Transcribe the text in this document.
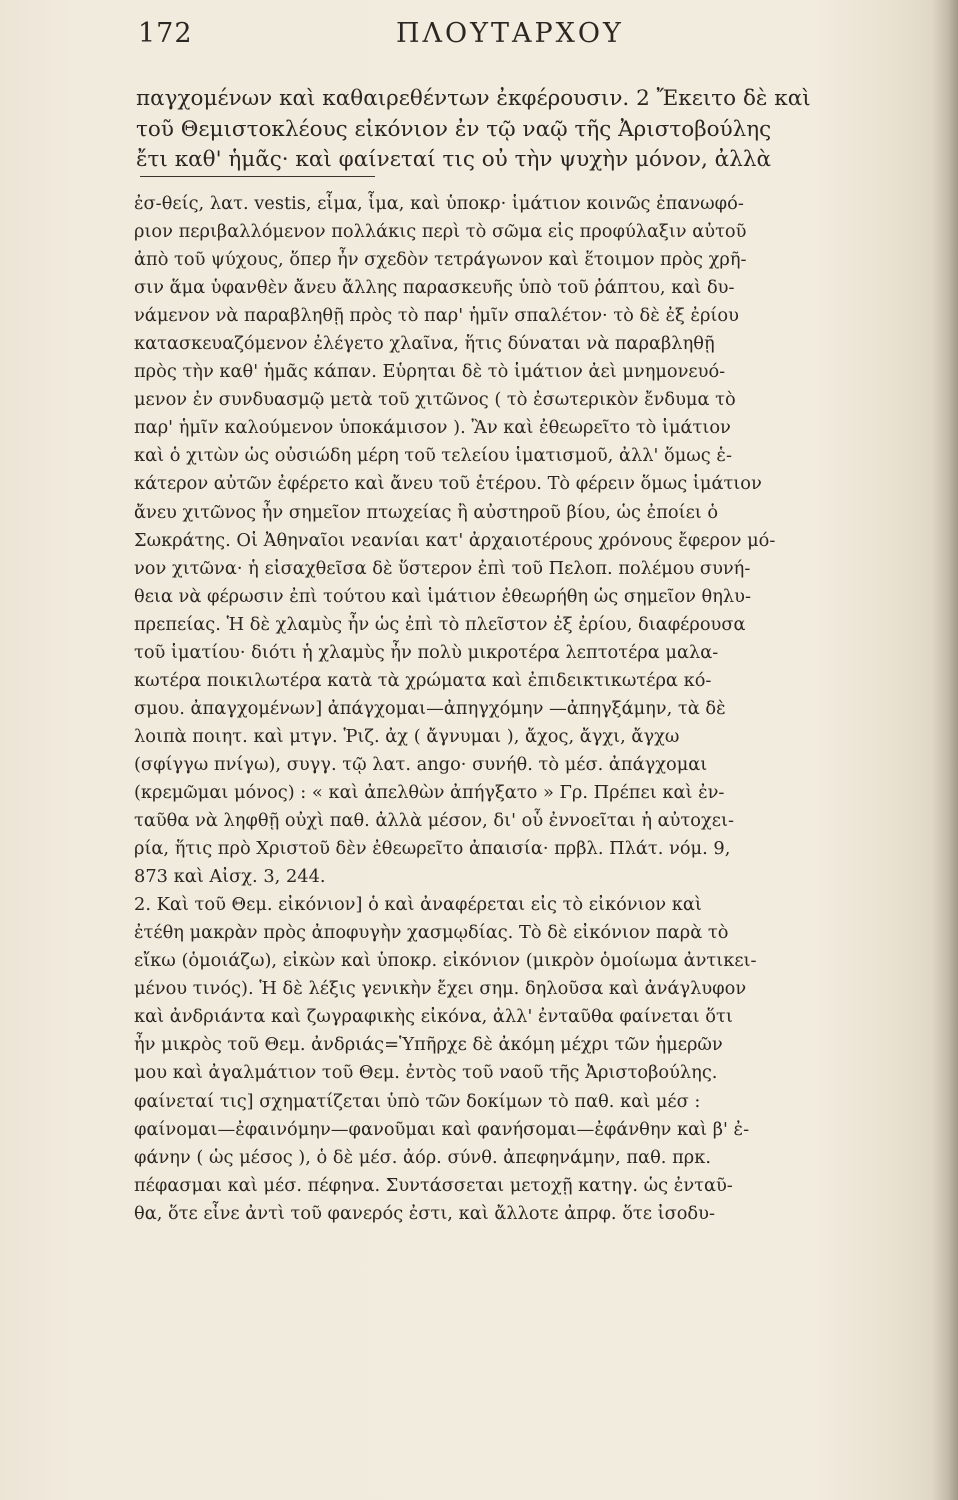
172	ΠΛΟΥΤΑΡΧΟΥ
παγχομένων καὶ καθαιρεθέντων ἐκφέρουσιν. 2 Ἔκειτο δὲ καὶ
τοῦ Θεμιστοκλέους εἰκόνιον ἐν τῷ ναῷ τῆς Ἀριστοβούλης
ἔτι καθ' ἡμᾶς· καὶ φαίνεταί τις οὐ τὴν ψυχὴν μόνον, ἀλλὰ
ἐσ-θείς, λατ. vestis, εἷμα, ἷμα, καὶ ὑποκρ· ἱμάτιον κοινῶς ἐπανωφό-
ριον περιβαλλόμενον πολλάκις περὶ τὸ σῶμα εἰς προφύλαξιν αὐτοῦ
ἀπὸ τοῦ ψύχους, ὅπερ ἦν σχεδὸν τετράγωνον καὶ ἕτοιμον πρὸς χρῆ-
σιν ἅμα ὑφανθὲν ἄνευ ἄλλης παρασκευῆς ὑπὸ τοῦ ῥάπτου, καὶ δυ-
νάμενον νὰ παραβληθῇ πρὸς τὸ παρ' ἡμῖν σπαλέτον· τὸ δὲ ἐξ ἐρίου
κατασκευαζόμενον ἐλέγετο χλαῖνα, ἥτις δύναται νὰ παραβληθῇ
πρὸς τὴν καθ' ἡμᾶς κάπαν. Εὑρηται δὲ τὸ ἱμάτιον ἀεὶ μνημονευό-
μενον ἐν συνδυασμῷ μετὰ τοῦ χιτῶνος ( τὸ ἐσωτερικὸν ἔνδυμα τὸ
παρ' ἡμῖν καλούμενον ὑποκάμισον ). Ἂν καὶ ἐθεωρεῖτο τὸ ἱμάτιον
καὶ ὁ χιτὼν ὡς οὐσιώδη μέρη τοῦ τελείου ἱματισμοῦ, ἀλλ' ὅμως ἑ-
κάτερον αὐτῶν ἐφέρετο καὶ ἄνευ τοῦ ἑτέρου. Τὸ φέρειν ὅμως ἱμάτιον
ἄνευ χιτῶνος ἦν σημεῖον πτωχείας ἢ αὐστηροῦ βίου, ὡς ἐποίει ὁ
Σωκράτης. Οἱ Ἀθηναῖοι νεανίαι κατ' ἀρχαιοτέρους χρόνους ἔφερον μό-
νον χιτῶνα· ἡ εἰσαχθεῖσα δὲ ὕστερον ἐπὶ τοῦ Πελοπ. πολέμου συνή-
θεια νὰ φέρωσιν ἐπὶ τούτου καὶ ἱμάτιον ἐθεωρήθη ὡς σημεῖον θηλυ-
πρεπείας. Ἡ δὲ χλαμὺς ἦν ὡς ἐπὶ τὸ πλεῖστον ἐξ ἐρίου, διαφέρουσα
τοῦ ἱματίου· διότι ἡ χλαμὺς ἦν πολὺ μικροτέρα λεπτοτέρα μαλα-
κωτέρα ποικιλωτέρα κατὰ τὰ χρώματα καὶ ἐπιδεικτικωτέρα κό-
σμου. ἀπαγχομένων] ἀπάγχομαι—ἀπηγχόμην —ἀπηγξάμην, τὰ δὲ
λοιπὰ ποιητ. καὶ μτγν. Ῥιζ. ἀχ ( ἄγνυμαι ), ἄχος, ἄγχι, ἄγχω
(σφίγγω πνίγω), συγγ. τῷ λατ. ango· συνήθ. τὸ μέσ. ἀπάγχομαι
(κρεμῶμαι μόνος) : « καὶ ἀπελθὼν ἀπήγξατο » Γρ. Πρέπει καὶ ἐν-
ταῦθα νὰ ληφθῇ οὐχὶ παθ. ἀλλὰ μέσον, δι' οὗ ἐννοεῖται ἡ αὐτοχει-
ρία, ἥτις πρὸ Χριστοῦ δὲν ἐθεωρεῖτο ἀπαισία· πρβλ. Πλάτ. νόμ. 9,
873 καὶ Αἰσχ. 3, 244.
2. Καὶ τοῦ Θεμ. εἰκόνιον] ὁ καὶ ἀναφέρεται εἰς τὸ εἰκόνιον καὶ
ἐτέθη μακρὰν πρὸς ἀποφυγὴν χασμῳδίας. Τὸ δὲ εἰκόνιον παρὰ τὸ
εἴκω (ὁμοιάζω), εἰκὼν καὶ ὑποκρ. εἰκόνιον (μικρὸν ὁμοίωμα ἀντικει-
μένου τινός). Ἡ δὲ λέξις γενικὴν ἔχει σημ. δηλοῦσα καὶ ἀνάγλυφον
καὶ ἀνδριάντα καὶ ζωγραφικὴς εἰκόνα, ἀλλ' ἐνταῦθα φαίνεται ὅτι
ἦν μικρὸς τοῦ Θεμ. ἀνδριάς=Ὑπῆρχε δὲ ἀκόμη μέχρι τῶν ἡμερῶν
μου καὶ ἀγαλμάτιον τοῦ Θεμ. ἐντὸς τοῦ ναοῦ τῆς Ἀριστοβούλης.
φαίνεταί τις] σχηματίζεται ὑπὸ τῶν δοκίμων τὸ παθ. καὶ μέσ :
φαίνομαι—ἐφαινόμην—φανοῦμαι καὶ φανήσομαι—ἐφάνθην καὶ β' ἐ-
φάνην ( ὡς μέσος ), ὁ δὲ μέσ. ἀόρ. σύνθ. ἀπεφηνάμην, παθ. πρκ.
πέφασμαι καὶ μέσ. πέφηνα. Συντάσσεται μετοχῇ κατηγ. ὡς ἐνταῦ-
θα, ὅτε εἶνε ἀντὶ τοῦ φανερός ἐστι, καὶ ἄλλοτε ἀπρφ. ὅτε ἰσοδυ-
